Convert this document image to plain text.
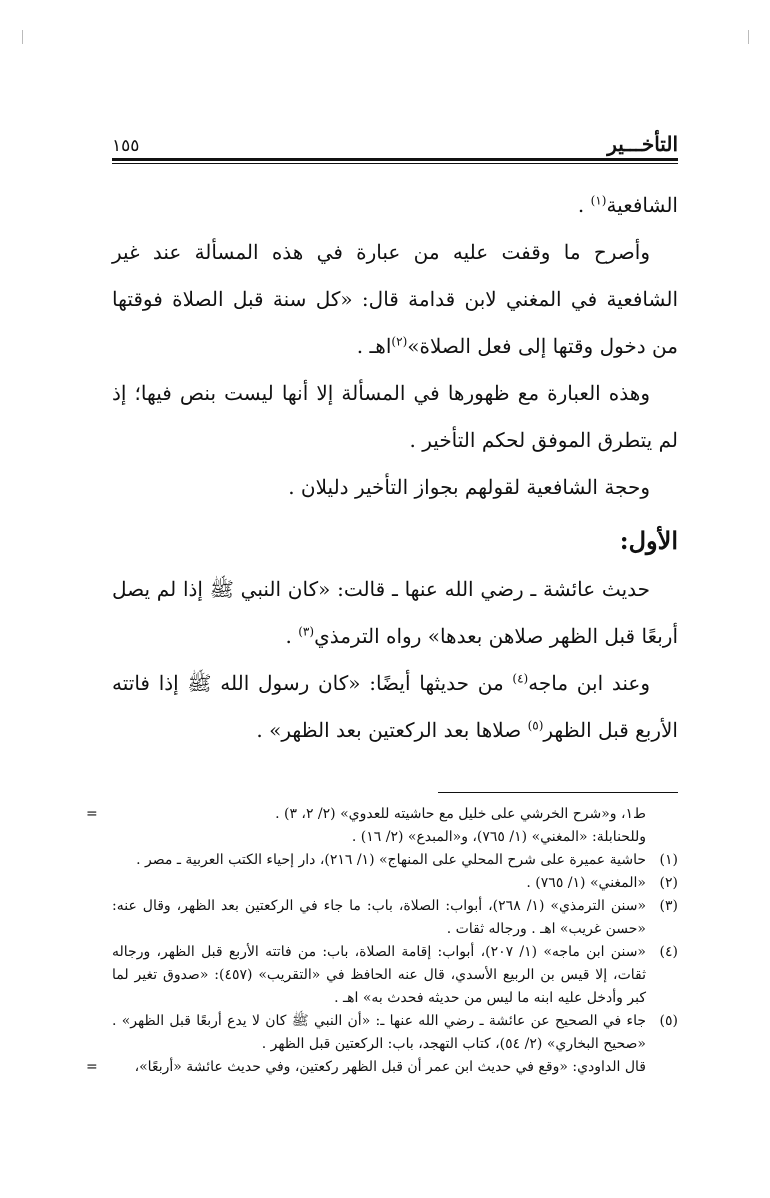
التأخـــير
١٥٥

الشافعية$^{(١)}$ .

وأصرح ما وقفت عليه من عبارة في هذه المسألة عند غير الشافعية في المغني لابن قدامة قال: «كل سنة قبل الصلاة فوقتها من دخول وقتها إلى فعل الصلاة»$^{(٢)}$اهـ .

وهذه العبارة مع ظهورها في المسألة إلا أنها ليست بنص فيها؛ إذ لم يتطرق الموفق لحكم التأخير .

وحجة الشافعية لقولهم بجواز التأخير دليلان .

الأول:

حديث عائشة ـ رضي الله عنها ـ قالت: «كان النبي ﷺ إذا لم يصل أربعًا قبل الظهر صلاهن بعدها» رواه الترمذي$^{(٣)}$ .

وعند ابن ماجه$^{(٤)}$ من حديثها أيضًا: «كان رسول الله ﷺ إذا فاتته الأربع قبل الظهر$^{(٥)}$ صلاها بعد الركعتين بعد الظهر» .

=	ط١، و«شرح الخرشي على خليل مع حاشيته للعدوي» (٢/ ٢، ٣) .
وللحنابلة: «المغني» (١/ ٧٦٥)، و«المبدع» (٢/ ١٦) .
(١)
حاشية عميرة على شرح المحلي على المنهاج» (١/ ٢١٦)، دار إحياء الكتب العربية ـ مصر .
(٢)
«المغني» (١/ ٧٦٥) .
(٣)
«سنن الترمذي» (١/ ٢٦٨)، أبواب: الصلاة، باب: ما جاء في الركعتين بعد الظهر، وقال عنه: «حسن غريب» اهـ . ورجاله ثقات .
(٤)
«سنن ابن ماجه» (١/ ٢٠٧)، أبواب: إقامة الصلاة، باب: من فاتته الأربع قبل الظهر، ورجاله ثقات، إلا قيس بن الربيع الأسدي، قال عنه الحافظ في «التقريب» (٤٥٧): «صدوق تغير لما كبر وأدخل عليه ابنه ما ليس من حديثه فحدث به» اهـ .
(٥)
جاء في الصحيح عن عائشة ـ رضي الله عنها ـ: «أن النبي ﷺ كان لا يدع أربعًا قبل الظهر» . «صحيح البخاري» (٢/ ٥٤)، كتاب التهجد، باب: الركعتين قبل الظهر .
قال الداودي: «وقع في حديث ابن عمر أن قبل الظهر ركعتين، وفي حديث عائشة «أربعًا»،
=
